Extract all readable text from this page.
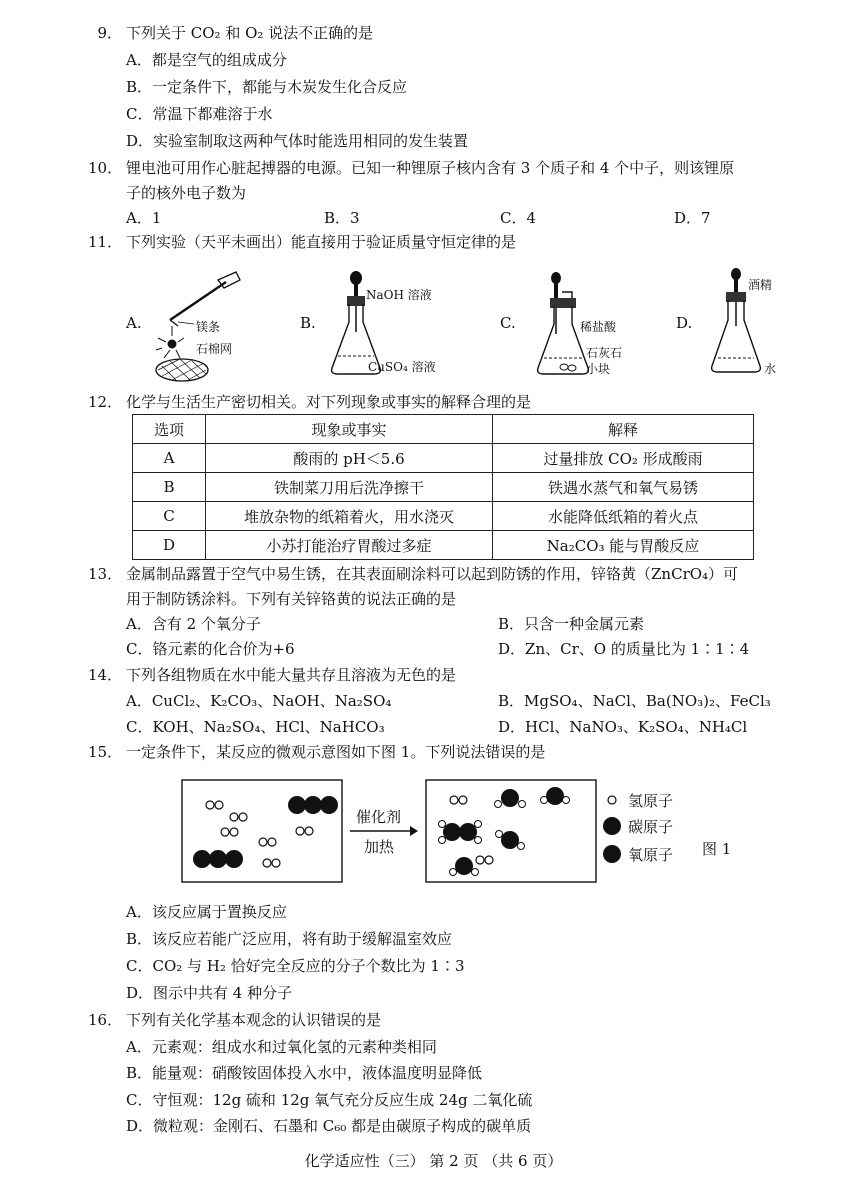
9． 下列关于 CO₂ 和 O₂ 说法不正确的是
A．都是空气的组成成分
B．一定条件下，都能与木炭发生化合反应
C．常温下都难溶于水
D．实验室制取这两种气体时能选用相同的发生装置
10． 锂电池可用作心脏起搏器的电源。已知一种锂原子核内含有 3 个质子和 4 个中子，则该锂原
子的核外电子数为
A．1	B．3	C．4	D．7
11． 下列实验（天平未画出）能直接用于验证质量守恒定律的是
A.	B.	C.	D.
镁条
石棉网
NaOH 溶液
CuSO₄ 溶液
稀盐酸
石灰石
小块
酒精
水
12． 化学与生活生产密切相关。对下列现象或事实的解释合理的是
选项	现象或事实	解释
A	酸雨的 pH＜5.6	过量排放 CO₂ 形成酸雨
B	铁制菜刀用后洗净擦干	铁遇水蒸气和氧气易锈
C	堆放杂物的纸箱着火，用水浇灭	水能降低纸箱的着火点
D	小苏打能治疗胃酸过多症	Na₂CO₃ 能与胃酸反应
13． 金属制品露置于空气中易生锈，在其表面刷涂料可以起到防锈的作用，锌铬黄（ZnCrO₄）可
用于制防锈涂料。下列有关锌铬黄的说法正确的是
A．含有 2 个氧分子	B．只含一种金属元素
C．铬元素的化合价为+6	D．Zn、Cr、O 的质量比为 1∶1∶4
14． 下列各组物质在水中能大量共存且溶液为无色的是
A．CuCl₂、K₂CO₃、NaOH、Na₂SO₄	B．MgSO₄、NaCl、Ba(NO₃)₂、FeCl₃
C．KOH、Na₂SO₄、HCl、NaHCO₃	D．HCl、NaNO₃、K₂SO₄、NH₄Cl
15． 一定条件下，某反应的微观示意图如下图 1。下列说法错误的是
催化剂
加热
氢原子
碳原子
氧原子 图 1
A．该反应属于置换反应
B．该反应若能广泛应用，将有助于缓解温室效应
C．CO₂ 与 H₂ 恰好完全反应的分子个数比为 1∶3
D．图示中共有 4 种分子
16． 下列有关化学基本观念的认识错误的是
A．元素观：组成水和过氧化氢的元素种类相同
B．能量观：硝酸铵固体投入水中，液体温度明显降低
C．守恒观：12g 硫和 12g 氧气充分反应生成 24g 二氧化硫
D．微粒观：金刚石、石墨和 C₆₀ 都是由碳原子构成的碳单质
化学适应性（三） 第 2 页 （共 6 页）
